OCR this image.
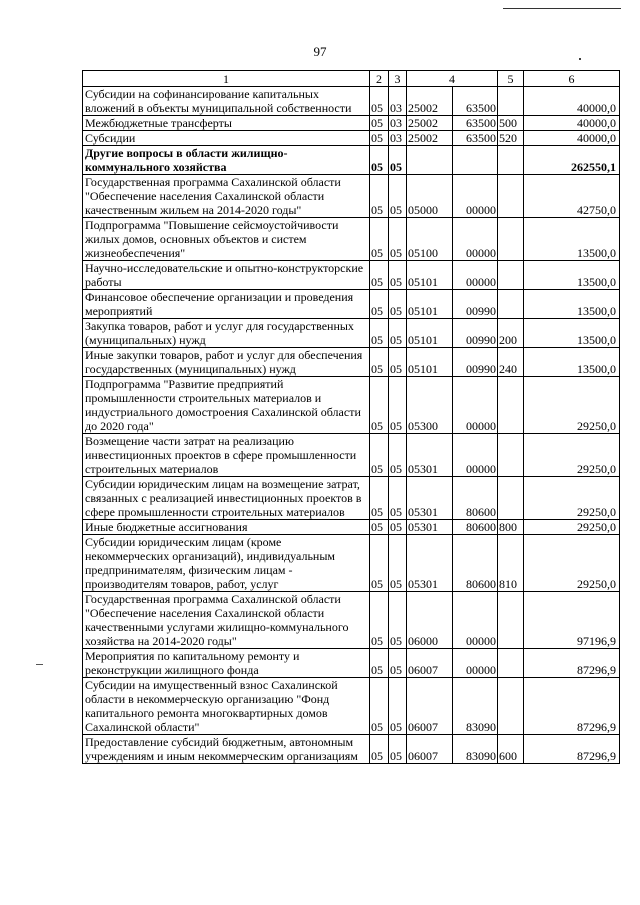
97
1	2	3	4		5	6
Субсидии на софинансирование капитальных вложений в объекты муниципальной собственности	05	03	25002	63500		40000,0
Межбюджетные трансферты	05	03	25002	63500	500	40000,0
Субсидии	05	03	25002	63500	520	40000,0
Другие вопросы в области жилищно-коммунального хозяйства	05	05				262550,1
Государственная программа Сахалинской области "Обеспечение населения Сахалинской области качественным жильем на 2014-2020 годы"	05	05	05000	00000		42750,0
Подпрограмма "Повышение сейсмоустойчивости жилых домов, основных объектов и систем жизнеобеспечения"	05	05	05100	00000		13500,0
Научно-исследовательские и опытно-конструкторские работы	05	05	05101	00000		13500,0
Финансовое обеспечение организации и проведения мероприятий	05	05	05101	00990		13500,0
Закупка товаров, работ и услуг для государственных (муниципальных) нужд	05	05	05101	00990	200	13500,0
Иные закупки товаров, работ и услуг для обеспечения государственных (муниципальных) нужд	05	05	05101	00990	240	13500,0
Подпрограмма "Развитие предприятий промышленности строительных материалов и индустриального домостроения Сахалинской области до 2020 года"	05	05	05300	00000		29250,0
Возмещение части затрат на реализацию инвестиционных проектов в сфере промышленности строительных материалов	05	05	05301	00000		29250,0
Субсидии юридическим лицам на возмещение затрат, связанных с реализацией инвестиционных проектов в сфере промышленности строительных материалов	05	05	05301	80600		29250,0
Иные бюджетные ассигнования	05	05	05301	80600	800	29250,0
Субсидии юридическим лицам (кроме некоммерческих организаций), индивидуальным предпринимателям, физическим лицам - производителям товаров, работ, услуг	05	05	05301	80600	810	29250,0
Государственная программа Сахалинской области "Обеспечение населения Сахалинской области качественными услугами жилищно-коммунального хозяйства на 2014-2020 годы"	05	05	06000	00000		97196,9
Мероприятия по капитальному ремонту и реконструкции жилищного фонда	05	05	06007	00000		87296,9
Субсидии на имущественный взнос Сахалинской области в некоммерческую организацию "Фонд капитального ремонта многоквартирных домов Сахалинской области"	05	05	06007	83090		87296,9
Предоставление субсидий бюджетным, автономным учреждениям и иным некоммерческим организациям	05	05	06007	83090	600	87296,9
